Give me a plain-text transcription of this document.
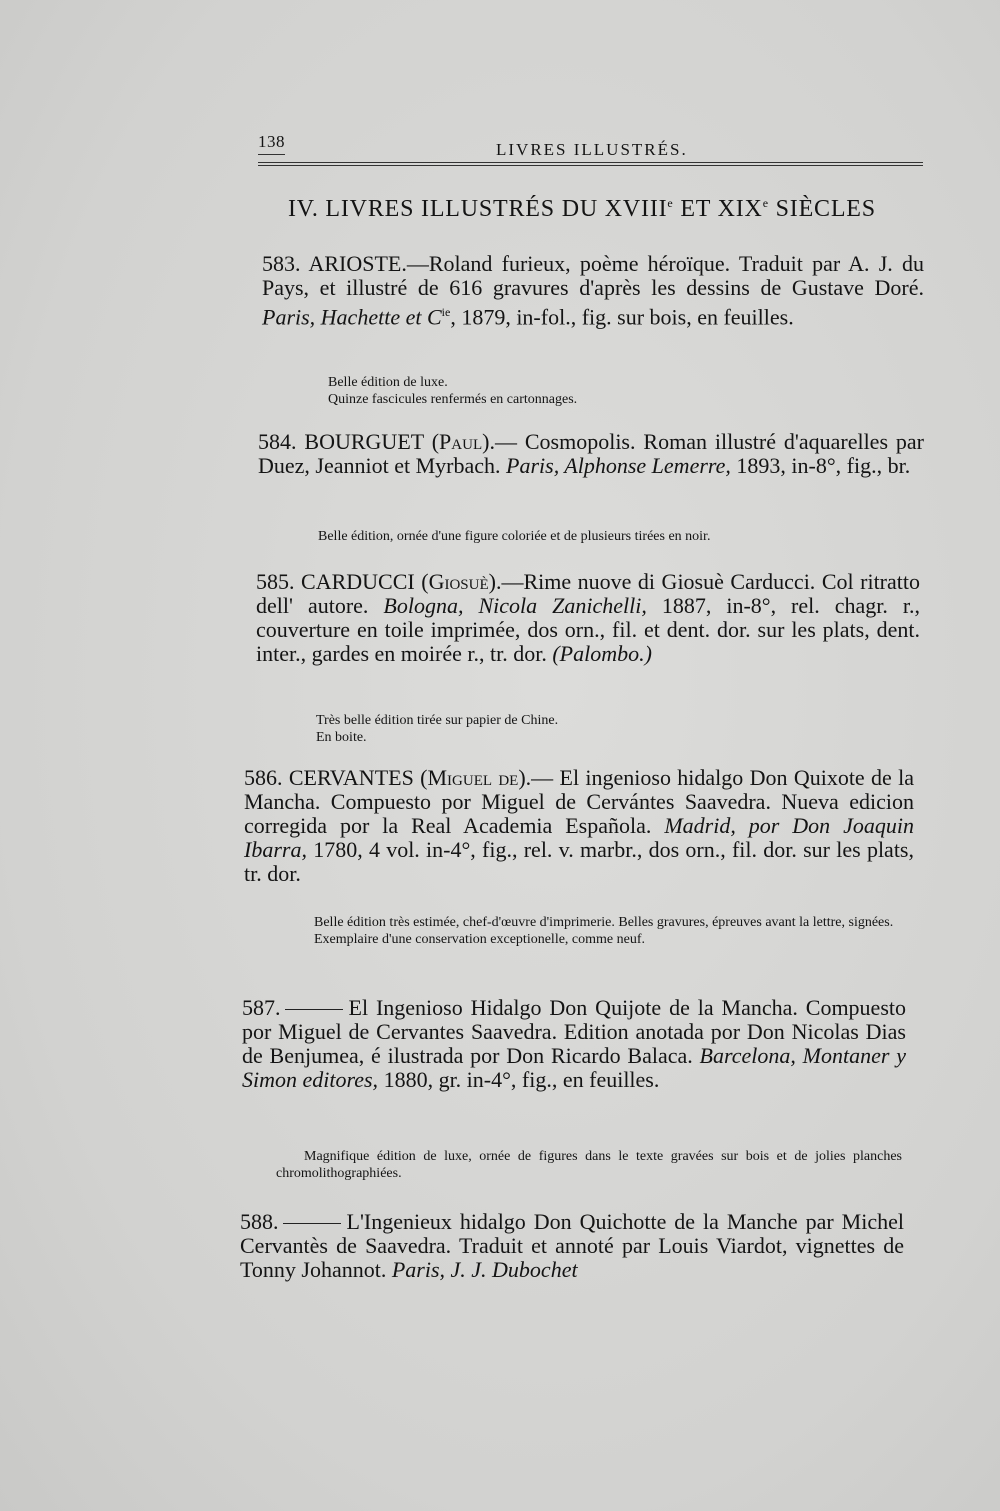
138	LIVRES ILLUSTRÉS.
IV. LIVRES ILLUSTRÉS DU XVIIIe ET XIXe SIÈCLES
583. ARIOSTE.—Roland furieux, poème héroïque. Traduit par A. J. du Pays, et illustré de 616 gravures d'après les dessins de Gustave Doré. Paris, Hachette et $C^{ie}$, 1879, in-fol., fig. sur bois, en feuilles.

Belle édition de luxe.

Quinze fascicules renfermés en cartonnages.

584. BOURGUET (Paul).— Cosmopolis. Roman illustré d'aquarelles par Duez, Jeanniot et Myrbach. Paris, Alphonse Lemerre, 1893, in-8°, fig., br.

Belle édition, ornée d'une figure coloriée et de plusieurs tirées en noir.

585. CARDUCCI (Giosuè).—Rime nuove di Giosuè Carducci. Col ritratto dell' autore. Bologna, Nicola Zanichelli, 1887, in-8°, rel. chagr. r., couverture en toile imprimée, dos orn., fil. et dent. dor. sur les plats, dent. inter., gardes en moirée r., tr. dor. (Palombo.)

Très belle édition tirée sur papier de Chine.

En boite.

586. CERVANTES (Miguel de).— El ingenioso hidalgo Don Quixote de la Mancha. Compuesto por Miguel de Cervántes Saavedra. Nueva edicion corregida por la Real Academia Española. Madrid, por Don Joaquin Ibarra, 1780, 4 vol. in-4°, fig., rel. v. marbr., dos orn., fil. dor. sur les plats, tr. dor.

Belle édition très estimée, chef-d'œuvre d'imprimerie. Belles gravures, épreuves avant la lettre, signées.

Exemplaire d'une conservation exceptionelle, comme neuf.

587.	El Ingenioso Hidalgo Don Quijote de la Mancha. Compuesto por Miguel de Cervantes Saavedra. Edition anotada por Don Nicolas Dias de Benjumea, é ilustrada por Don Ricardo Balaca. Barcelona, Montaner y Simon editores, 1880, gr. in-4°, fig., en feuilles.

Magnifique édition de luxe, ornée de figures dans le texte gravées sur bois et de jolies planches chromolithographiées.

588.	L'Ingenieux hidalgo Don Quichotte de la Manche par Michel Cervantès de Saavedra. Traduit et annoté par Louis Viardot, vignettes de Tonny Johannot. Paris, J. J. Dubochet
